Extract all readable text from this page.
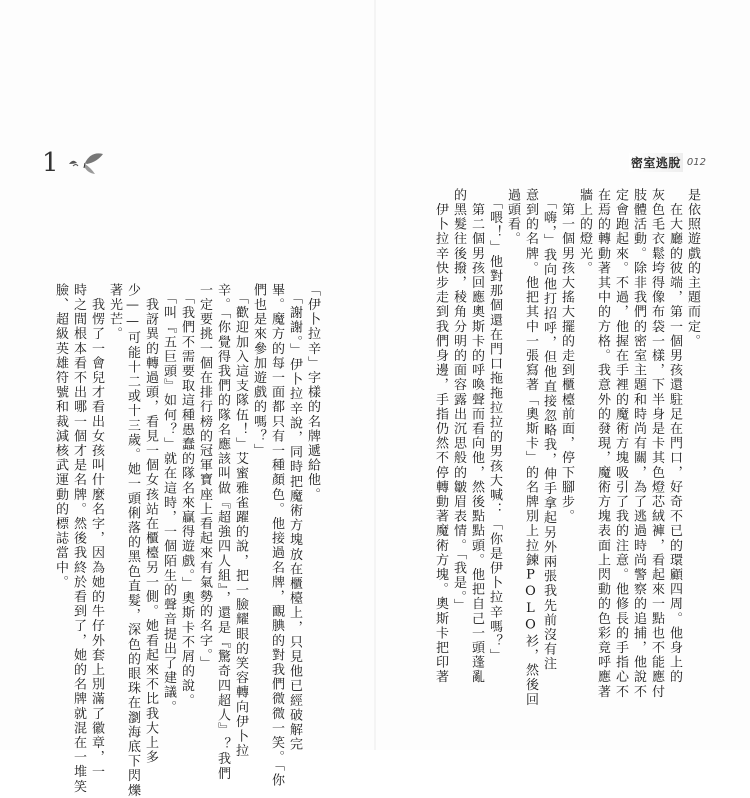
1
「伊卜拉辛」字樣的名牌遞給他。
　「謝謝。」伊卜拉辛說，同時把魔術方塊放在櫃檯上，只見他已經破解完
畢。魔方的每一面都只有一種顏色。他接過名牌，靦腆的對我們微微一笑。「你
們也是來參加遊戲的嗎？」
　「歡迎加入這支隊伍！」艾蜜雅雀躍的說，把一臉耀眼的笑容轉向伊卜拉
辛。「你覺得我們的隊名應該叫做『超強四人組』，還是『驚奇四超人』？我們
一定要挑一個在排行榜的冠軍寶座上看起來有氣勢的名字。」
　「我們不需要取這種愚蠢的隊名來贏得遊戲。」奧斯卡不屑的說。
　「叫『五巨頭』如何？」就在這時，一個陌生的聲音提出了建議。
　我訝異的轉過頭，看見一個女孩站在櫃檯另一側。她看起來不比我大上多
少——可能十二或十三歲。她一頭俐落的黑色直髮，深色的眼珠在瀏海底下閃爍
著光芒。
　我愣了一會兒才看出女孩叫什麼名字，因為她的牛仔外套上別滿了徽章，一
時之間根本看不出哪一個才是名牌。然後我終於看到了，她的名牌就混在一堆笑
臉、超級英雄符號和裁減核武運動的標誌當中。
密室逃脫 012
是依照遊戲的主題而定。
　在大廳的彼端，第一個男孩還駐足在門口，好奇不已的環顧四周。他身上的
灰色毛衣鬆垮得像布袋一樣，下半身是卡其色燈芯絨褲，看起來一點也不能應付
肢體活動。除非我們的密室主題和時尚有關，為了逃過時尚警察的追捕，他說不
定會跑起來。不過，他握在手裡的魔術方塊吸引了我的注意。他修長的手指心不
在焉的轉動著其中的方格。我意外的發現，魔術方塊表面上閃動的色彩竟呼應著
牆上的燈光。
　第一個男孩大搖大擺的走到櫃檯前面，停下腳步。
　「嗨，」我向他打招呼，但他直接忽略我，伸手拿起另外兩張我先前沒有注
意到的名牌。他把其中一張寫著「奧斯卡」的名牌別上拉鍊POLO衫，然後回
過頭看。
　「喂！」他對那個還在門口拖拖拉拉的男孩大喊：「你是伊卜拉辛嗎？」
　第二個男孩回應奧斯卡的呼喚聲而看向他，然後點點頭。他把自己一頭蓬亂
的黑髮往後撥，稜角分明的面容露出沉思般的皺眉表情。「我是。」
　伊卜拉辛快步走到我們身邊，手指仍然不停轉動著魔術方塊。奧斯卡把印著
